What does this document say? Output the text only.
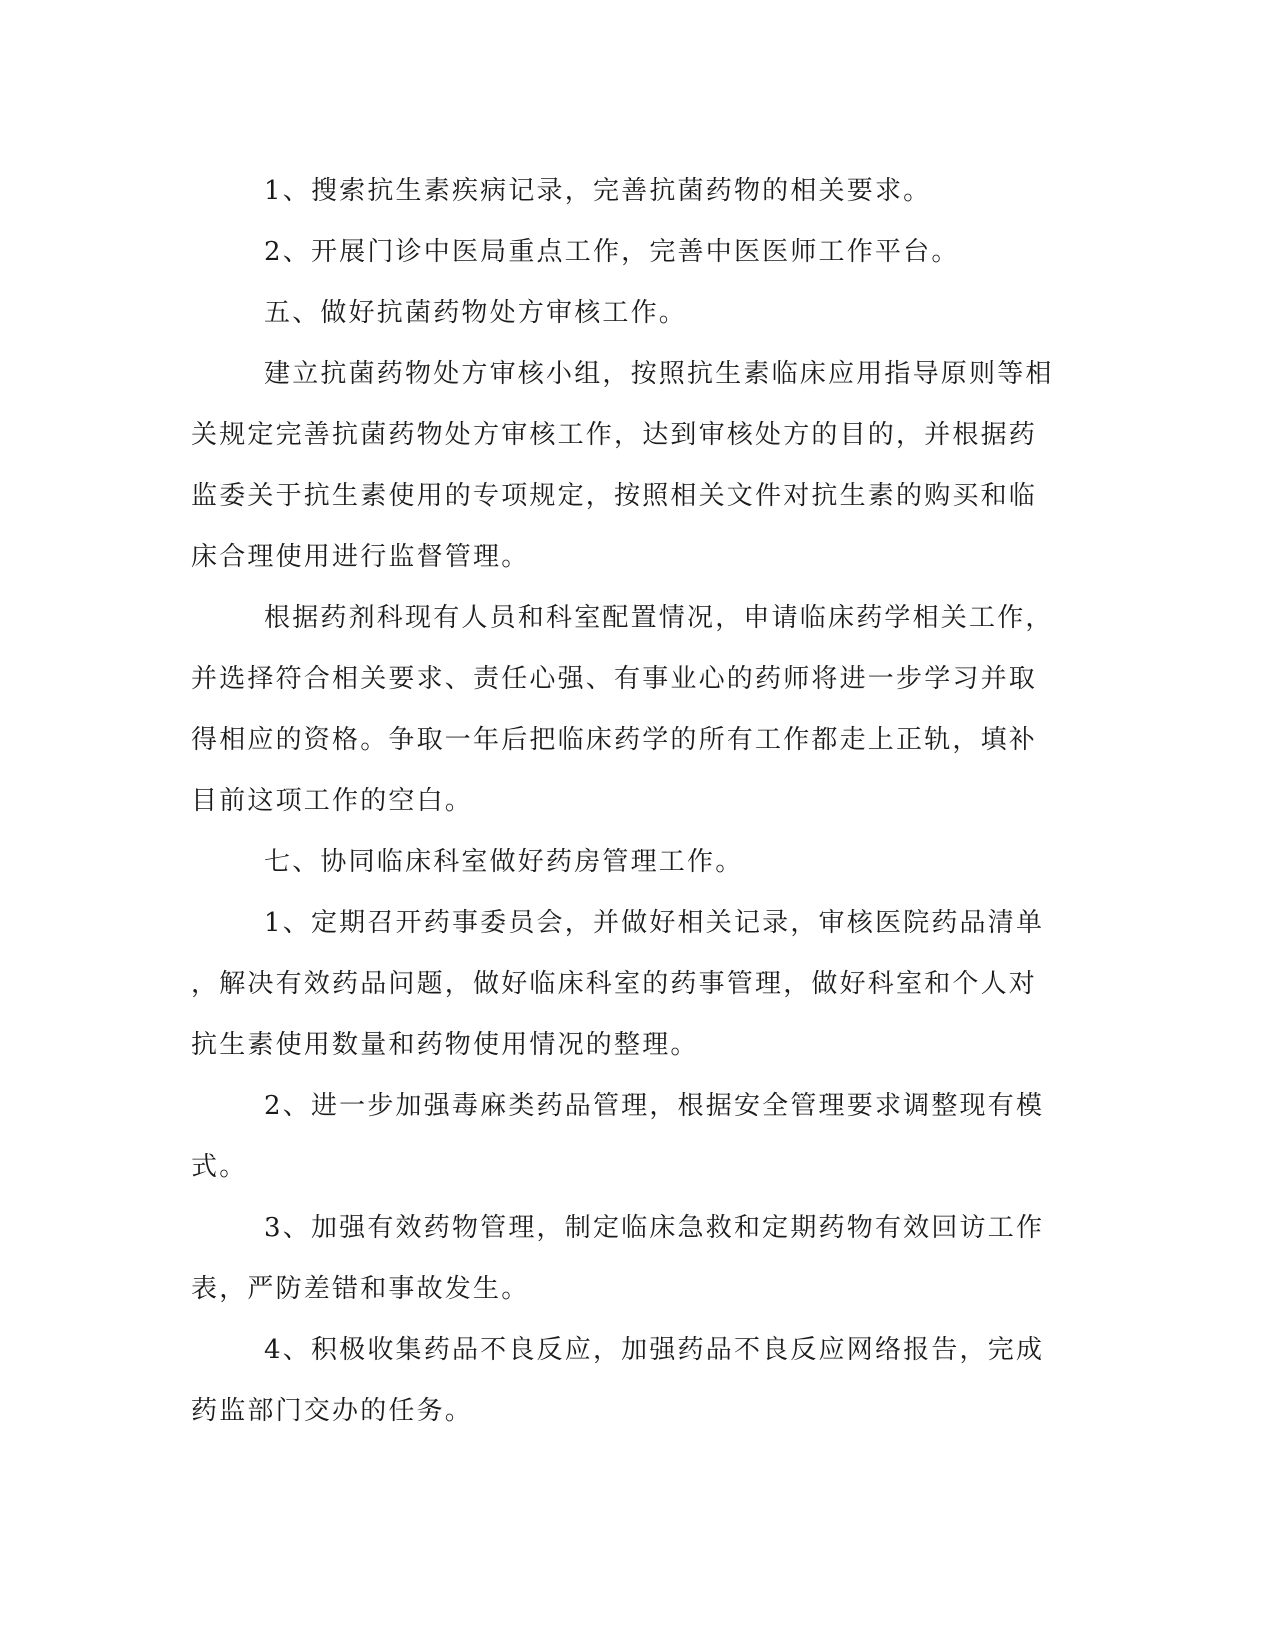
1、搜索抗生素疾病记录，完善抗菌药物的相关要求。
2、开展门诊中医局重点工作，完善中医医师工作平台。
五、做好抗菌药物处方审核工作。
建立抗菌药物处方审核小组，按照抗生素临床应用指导原则等相
关规定完善抗菌药物处方审核工作，达到审核处方的目的，并根据药
监委关于抗生素使用的专项规定，按照相关文件对抗生素的购买和临
床合理使用进行监督管理。
根据药剂科现有人员和科室配置情况，申请临床药学相关工作，
并选择符合相关要求、责任心强、有事业心的药师将进一步学习并取
得相应的资格。争取一年后把临床药学的所有工作都走上正轨，填补
目前这项工作的空白。
七、协同临床科室做好药房管理工作。
1、定期召开药事委员会，并做好相关记录，审核医院药品清单
，解决有效药品问题，做好临床科室的药事管理，做好科室和个人对
抗生素使用数量和药物使用情况的整理。
2、进一步加强毒麻类药品管理，根据安全管理要求调整现有模
式。
3、加强有效药物管理，制定临床急救和定期药物有效回访工作
表，严防差错和事故发生。
4、积极收集药品不良反应，加强药品不良反应网络报告，完成
药监部门交办的任务。
